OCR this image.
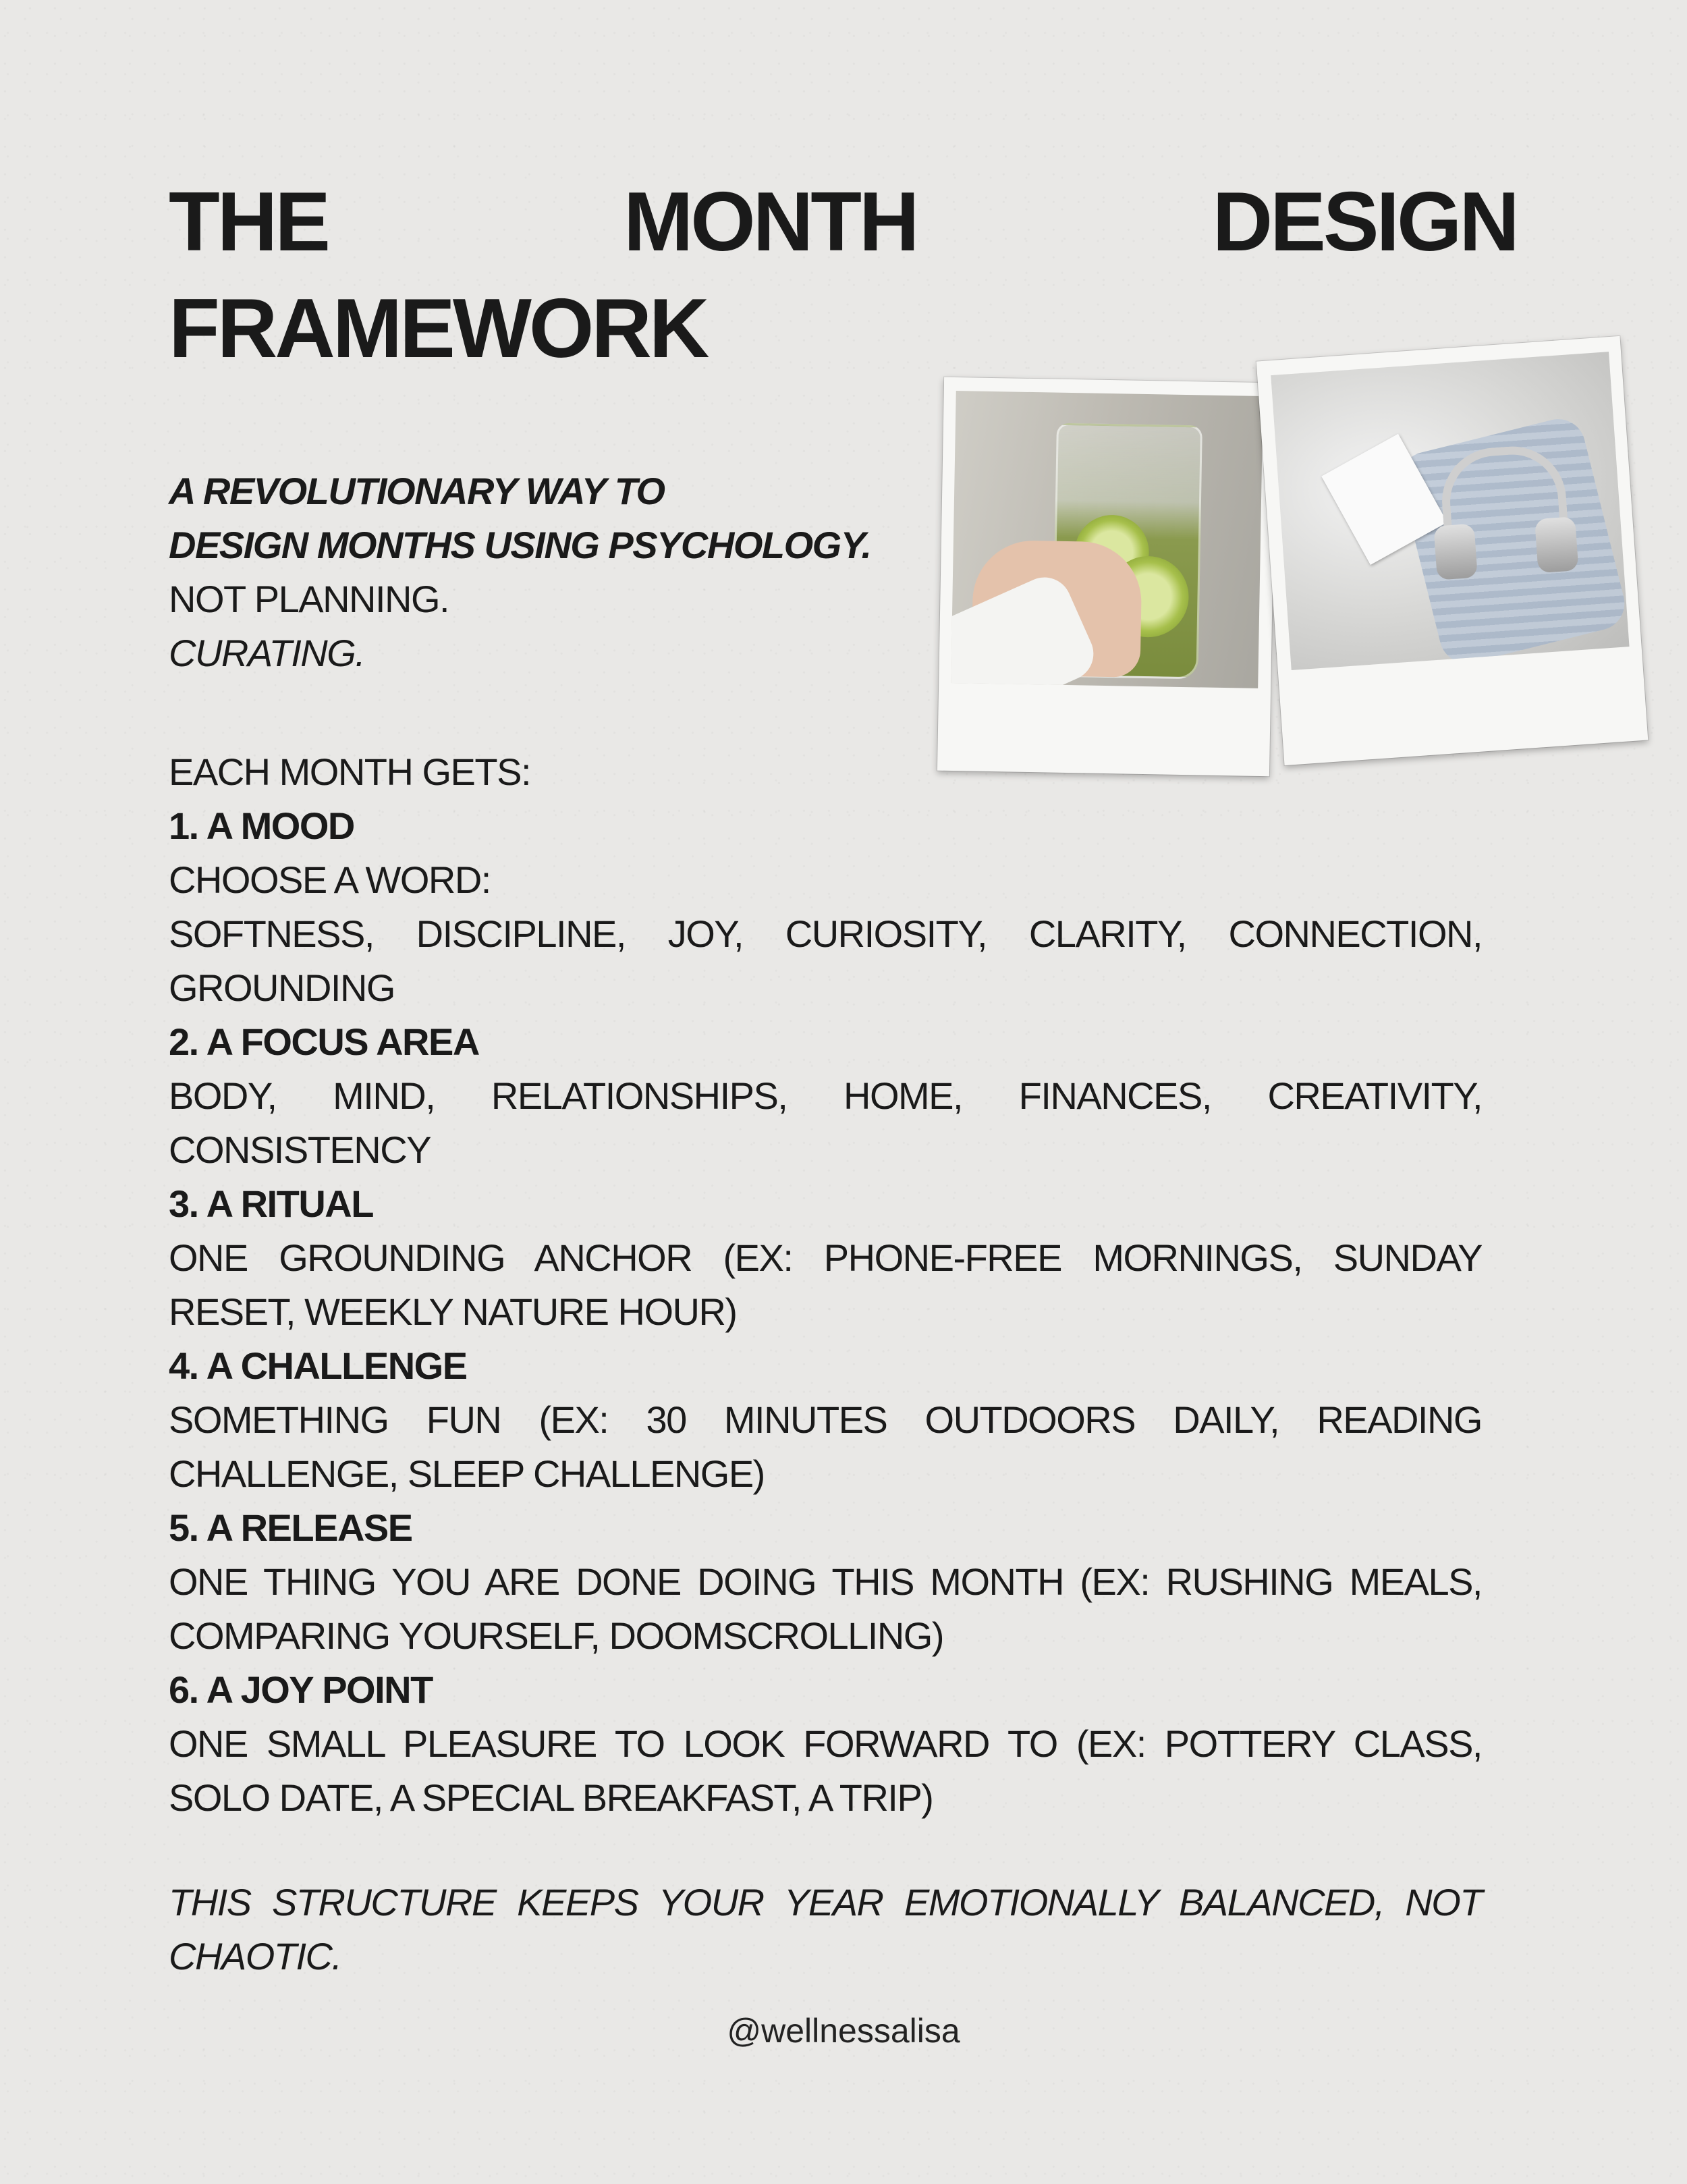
THE	MONTH	DESIGN
FRAMEWORK
A REVOLUTIONARY WAY TO
DESIGN MONTHS USING PSYCHOLOGY.
NOT PLANNING.
CURATING.
EACH MONTH GETS:
1. A MOOD
CHOOSE A WORD:
SOFTNESS, DISCIPLINE, JOY, CURIOSITY, CLARITY, CONNECTION, GROUNDING
2. A FOCUS AREA
BODY, MIND, RELATIONSHIPS, HOME, FINANCES, CREATIVITY, CONSISTENCY
3. A RITUAL
ONE GROUNDING ANCHOR (EX: PHONE-FREE MORNINGS, SUNDAY RESET, WEEKLY NATURE HOUR)
4. A CHALLENGE
SOMETHING FUN (EX: 30 MINUTES OUTDOORS DAILY, READING CHALLENGE, SLEEP CHALLENGE)
5. A RELEASE
ONE THING YOU ARE DONE DOING THIS MONTH (EX: RUSHING MEALS, COMPARING YOURSELF, DOOMSCROLLING)
6. A JOY POINT
ONE SMALL PLEASURE TO LOOK FORWARD TO (EX: POTTERY CLASS, SOLO DATE, A SPECIAL BREAKFAST, A TRIP)
THIS STRUCTURE KEEPS YOUR YEAR EMOTIONALLY BALANCED, NOT CHAOTIC.
@wellnessalisa
